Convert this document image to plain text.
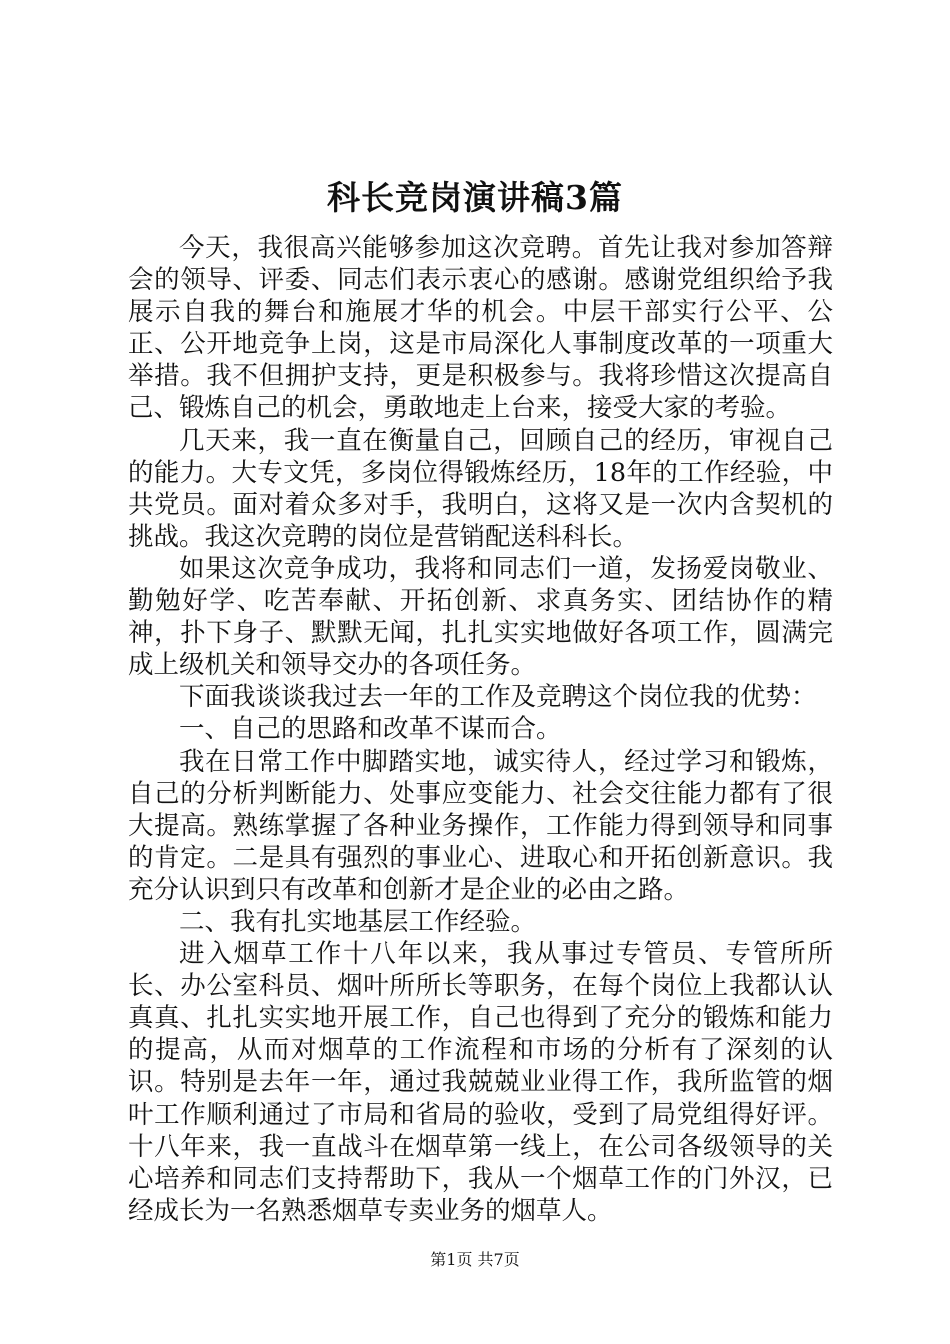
科长竞岗演讲稿3篇

今天，我很高兴能够参加这次竞聘。首先让我对参加答辩会的领导、评委、同志们表示衷心的感谢。感谢党组织给予我展示自我的舞台和施展才华的机会。中层干部实行公平、公正、公开地竞争上岗，这是市局深化人事制度改革的一项重大举措。我不但拥护支持，更是积极参与。我将珍惜这次提高自己、锻炼自己的机会，勇敢地走上台来，接受大家的考验。

几天来，我一直在衡量自己，回顾自己的经历，审视自己的能力。大专文凭，多岗位得锻炼经历，18年的工作经验，中共党员。面对着众多对手，我明白，这将又是一次内含契机的挑战。我这次竞聘的岗位是营销配送科科长。

如果这次竞争成功，我将和同志们一道，发扬爱岗敬业、勤勉好学、吃苦奉献、开拓创新、求真务实、团结协作的精神，扑下身子、默默无闻，扎扎实实地做好各项工作，圆满完成上级机关和领导交办的各项任务。

下面我谈谈我过去一年的工作及竞聘这个岗位我的优势：

一、自己的思路和改革不谋而合。

我在日常工作中脚踏实地，诚实待人，经过学习和锻炼，自己的分析判断能力、处事应变能力、社会交往能力都有了很大提高。熟练掌握了各种业务操作，工作能力得到领导和同事的肯定。二是具有强烈的事业心、进取心和开拓创新意识。我充分认识到只有改革和创新才是企业的必由之路。

二、我有扎实地基层工作经验。

进入烟草工作十八年以来，我从事过专管员、专管所所长、办公室科员、烟叶所所长等职务，在每个岗位上我都认认真真、扎扎实实地开展工作，自己也得到了充分的锻炼和能力的提高，从而对烟草的工作流程和市场的分析有了深刻的认识。特别是去年一年，通过我兢兢业业得工作，我所监管的烟叶工作顺利通过了市局和省局的验收，受到了局党组得好评。十八年来，我一直战斗在烟草第一线上，在公司各级领导的关心培养和同志们支持帮助下，我从一个烟草工作的门外汉，已经成长为一名熟悉烟草专卖业务的烟草人。

第1页 共7页
